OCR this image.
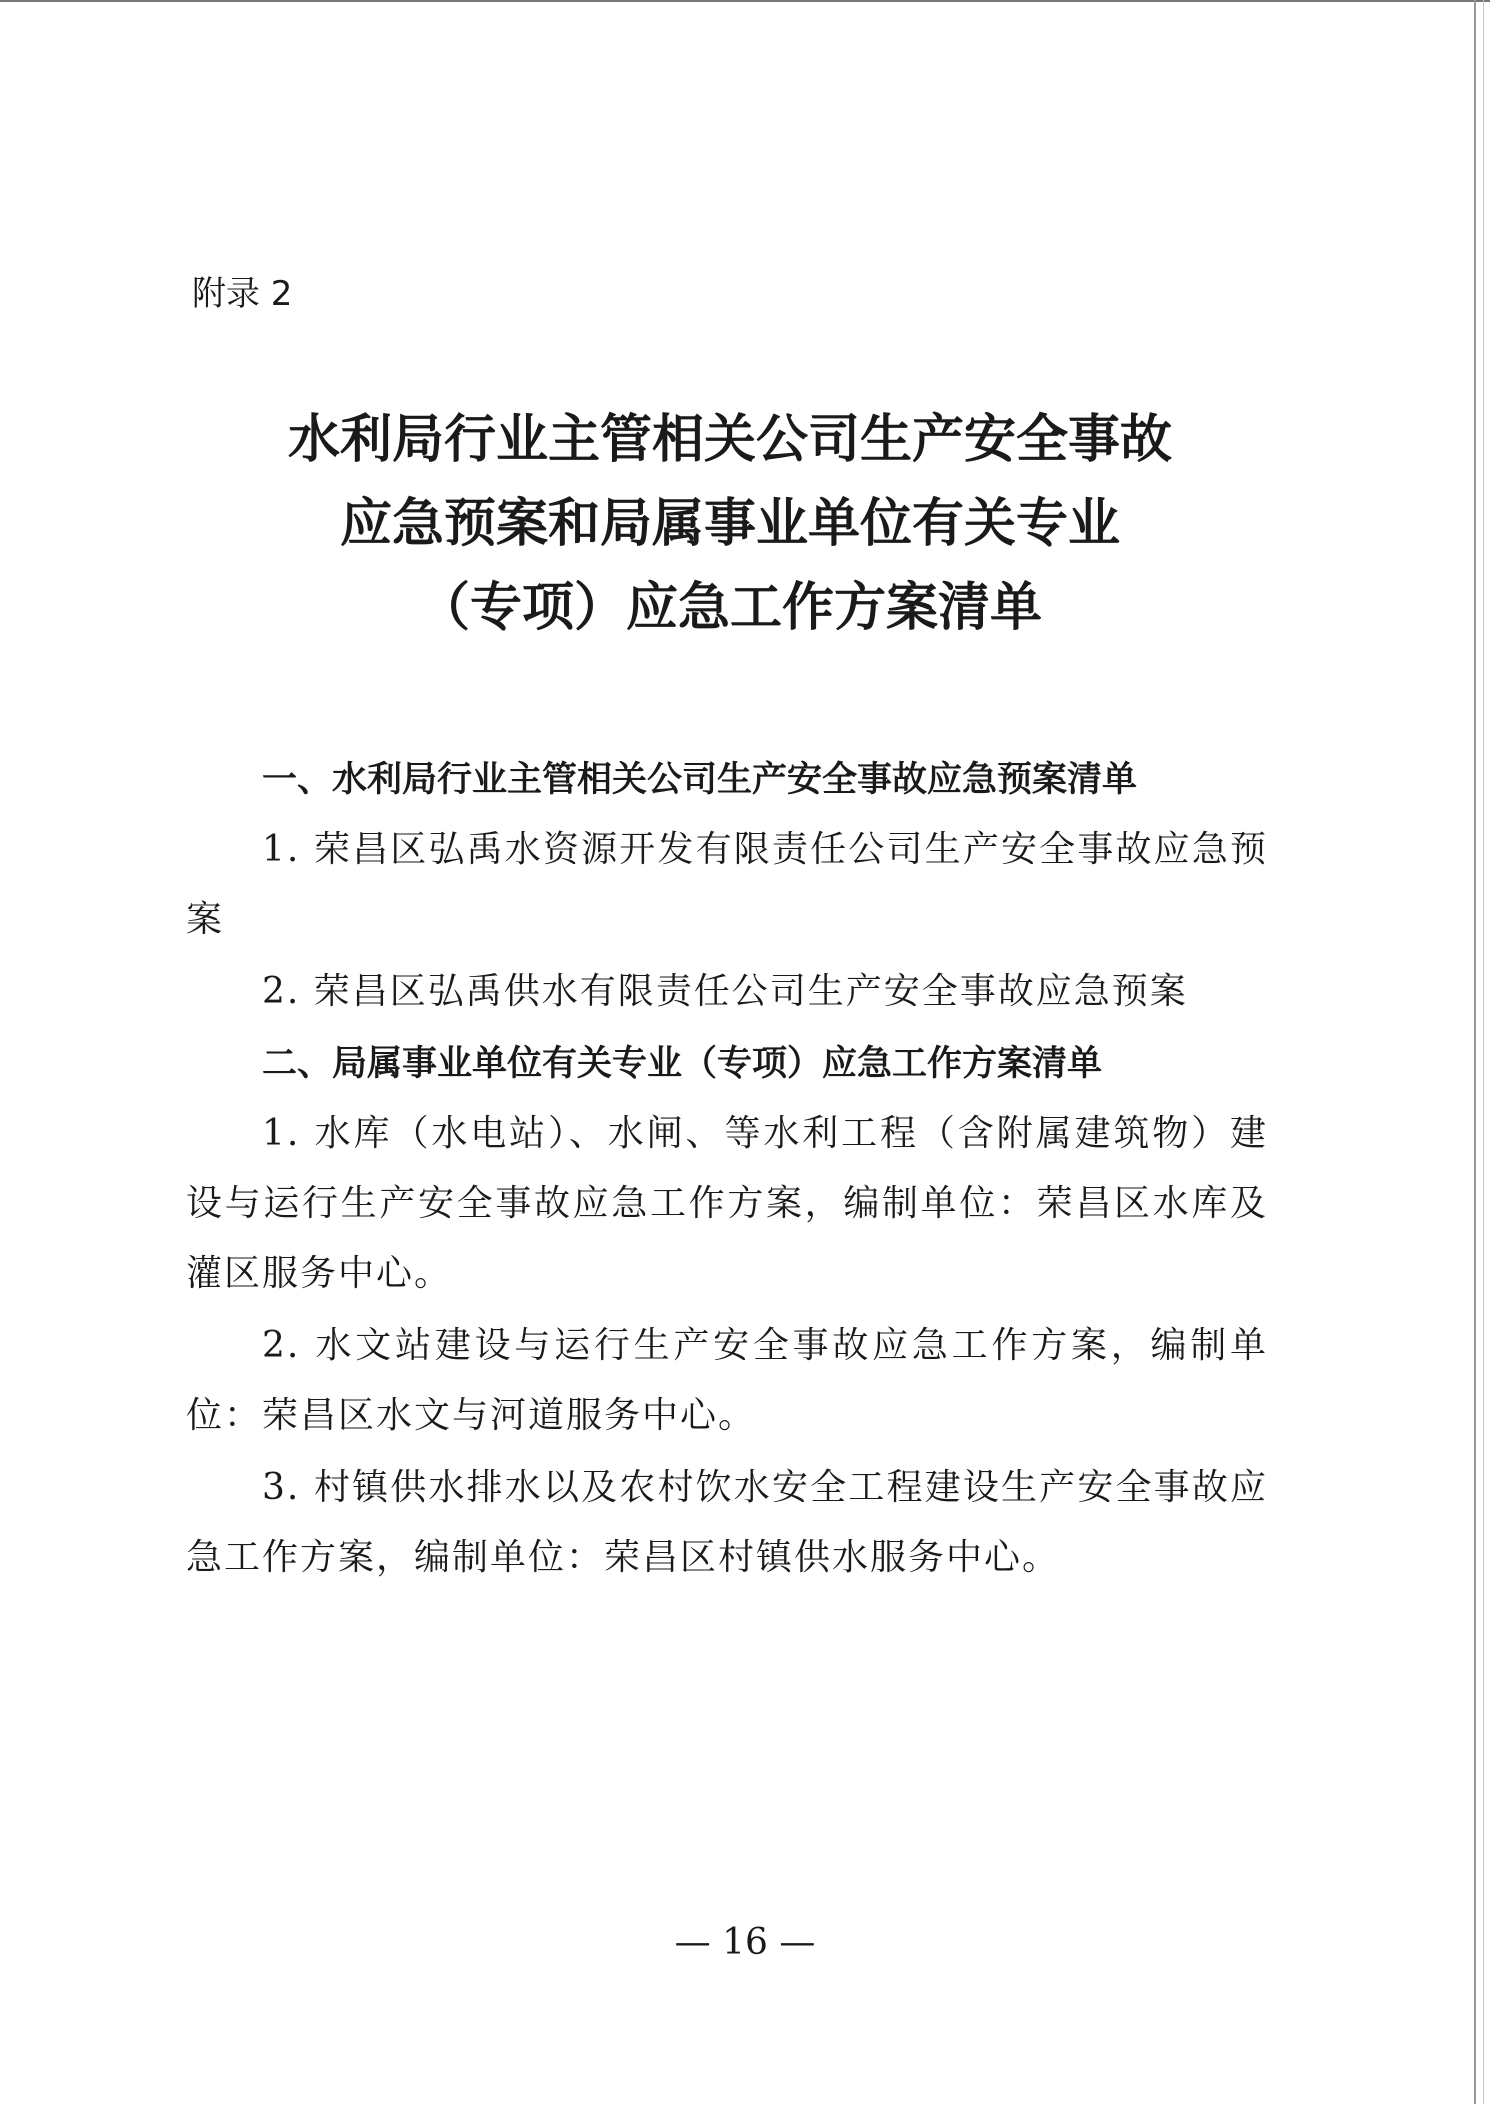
附录 2
水利局行业主管相关公司生产安全事故
应急预案和局属事业单位有关专业
（专项）应急工作方案清单
一、水利局行业主管相关公司生产安全事故应急预案清单

1. 荣昌区弘禹水资源开发有限责任公司生产安全事故应急预案

2. 荣昌区弘禹供水有限责任公司生产安全事故应急预案

二、局属事业单位有关专业（专项）应急工作方案清单

1. 水库（水电站）、水闸、等水利工程（含附属建筑物）建设与运行生产安全事故应急工作方案，编制单位：荣昌区水库及灌区服务中心。

2. 水文站建设与运行生产安全事故应急工作方案，编制单位：荣昌区水文与河道服务中心。

3. 村镇供水排水以及农村饮水安全工程建设生产安全事故应急工作方案，编制单位：荣昌区村镇供水服务中心。

— 16 —
